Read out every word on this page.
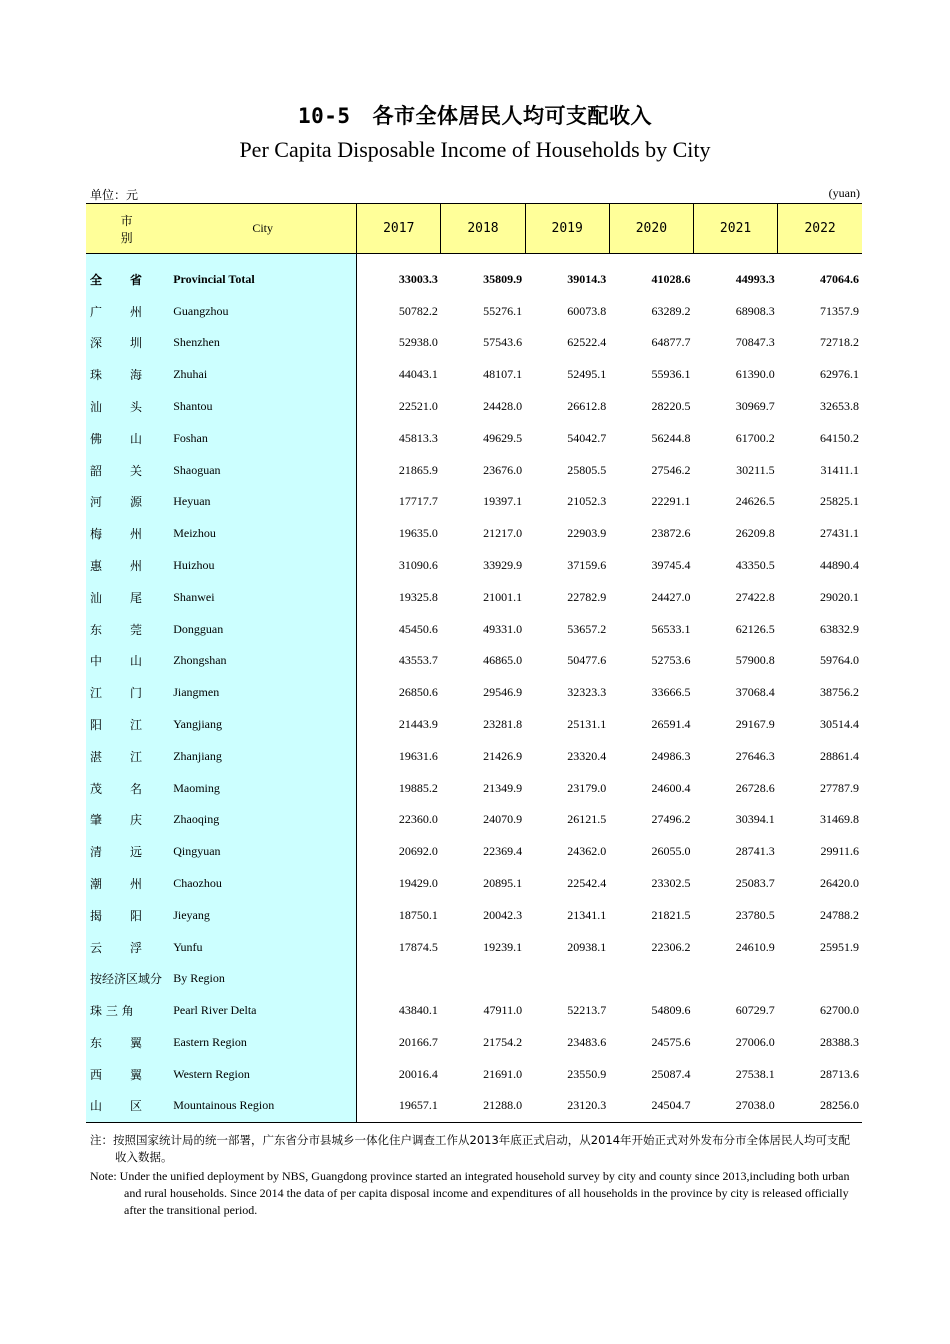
10-5 各市全体居民人均可支配收入
Per Capita Disposable Income of Households by City
单位：元	(yuan)
市　别	City	2017	2018	2019	2020	2021	2022

全 省	Provincial Total	33003.3	35809.9	39014.3	41028.6	44993.3	47064.6
广 州	Guangzhou	50782.2	55276.1	60073.8	63289.2	68908.3	71357.9
深 圳	Shenzhen	52938.0	57543.6	62522.4	64877.7	70847.3	72718.2
珠 海	Zhuhai	44043.1	48107.1	52495.1	55936.1	61390.0	62976.1
汕 头	Shantou	22521.0	24428.0	26612.8	28220.5	30969.7	32653.8
佛 山	Foshan	45813.3	49629.5	54042.7	56244.8	61700.2	64150.2
韶 关	Shaoguan	21865.9	23676.0	25805.5	27546.2	30211.5	31411.1
河 源	Heyuan	17717.7	19397.1	21052.3	22291.1	24626.5	25825.1
梅 州	Meizhou	19635.0	21217.0	22903.9	23872.6	26209.8	27431.1
惠 州	Huizhou	31090.6	33929.9	37159.6	39745.4	43350.5	44890.4
汕 尾	Shanwei	19325.8	21001.1	22782.9	24427.0	27422.8	29020.1
东 莞	Dongguan	45450.6	49331.0	53657.2	56533.1	62126.5	63832.9
中 山	Zhongshan	43553.7	46865.0	50477.6	52753.6	57900.8	59764.0
江 门	Jiangmen	26850.6	29546.9	32323.3	33666.5	37068.4	38756.2
阳 江	Yangjiang	21443.9	23281.8	25131.1	26591.4	29167.9	30514.4
湛 江	Zhanjiang	19631.6	21426.9	23320.4	24986.3	27646.3	28861.4
茂 名	Maoming	19885.2	21349.9	23179.0	24600.4	26728.6	27787.9
肇 庆	Zhaoqing	22360.0	24070.9	26121.5	27496.2	30394.1	31469.8
清 远	Qingyuan	20692.0	22369.4	24362.0	26055.0	28741.3	29911.6
潮 州	Chaozhou	19429.0	20895.1	22542.4	23302.5	25083.7	26420.0
揭 阳	Jieyang	18750.1	20042.3	21341.1	21821.5	23780.5	24788.2
云 浮	Yunfu	17874.5	19239.1	20938.1	22306.2	24610.9	25951.9
按经济区域分	By Region						
珠 三 角	Pearl River Delta	43840.1	47911.0	52213.7	54809.6	60729.7	62700.0
东 翼	Eastern Region	20166.7	21754.2	23483.6	24575.6	27006.0	28388.3
西 翼	Western Region	20016.4	21691.0	23550.9	25087.4	27538.1	28713.6
山 区	Mountainous Region	19657.1	21288.0	23120.3	24504.7	27038.0	28256.0
注：按照国家统计局的统一部署，广东省分市县城乡一体化住户调查工作从2013年底正式启动，从2014年开始正式对外发布分市全体居民人均可支配收入数据。
Note: Under the unified deployment by NBS, Guangdong province started an integrated household survey by city and county since 2013,including both urban and rural households. Since 2014 the data of per capita disposal income and expenditures of all households in the province by city is released officially after the transitional period.
